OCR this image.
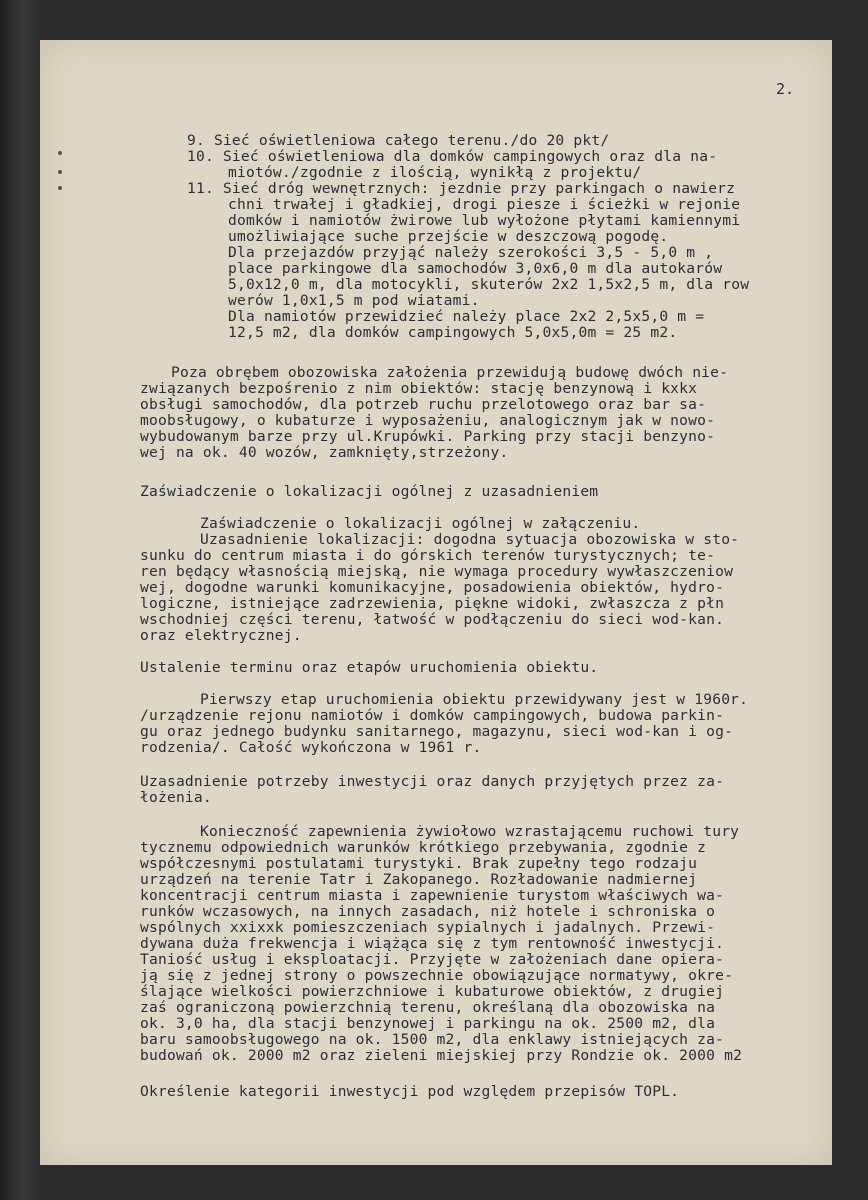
2.
9. Sieć oświetleniowa całego terenu./do 20 pkt/
10. Sieć oświetleniowa dla domków campingowych oraz dla na-
miotów./zgodnie z ilością, wynikłą z projektu/
11. Sieć dróg wewnętrznych: jezdnie przy parkingach o nawierz
chni trwałej i gładkiej, drogi piesze i ścieżki w rejonie
domków i namiotów żwirowe lub wyłożone płytami kamiennymi
umożliwiające suche przejście w deszczową pogodę.
Dla przejazdów przyjąć należy szerokości 3,5 - 5,0 m ,
place parkingowe dla samochodów 3,0x6,0 m dla autokarów
5,0x12,0 m, dla motocykli, skuterów 2x2 1,5x2,5 m, dla row
werów 1,0x1,5 m pod wiatami.
Dla namiotów przewidzieć należy place 2x2 2,5x5,0 m =
12,5 m2, dla domków campingowych 5,0x5,0m = 25 m2.
Poza obrębem obozowiska założenia przewidują budowę dwóch nie-
związanych bezpośrenio z nim obiektów: stację benzynową i kxkx
obsługi samochodów, dla potrzeb ruchu przelotowego oraz bar sa-
moobsługowy, o kubaturze i wyposażeniu, analogicznym jak w nowo-
wybudowanym barze przy ul.Krupówki. Parking przy stacji benzyno-
wej na ok. 40 wozów, zamknięty,strzeżony.
Zaświadczenie o lokalizacji ogólnej z uzasadnieniem
Zaświadczenie o lokalizacji ogólnej w załączeniu.
Uzasadnienie lokalizacji: dogodna sytuacja obozowiska w sto-
sunku do centrum miasta i do górskich terenów turystycznych; te-
ren będący własnością miejską, nie wymaga procedury wywłaszczeniow
wej, dogodne warunki komunikacyjne, posadowienia obiektów, hydro-
logiczne, istniejące zadrzewienia, piękne widoki, zwłaszcza z płn
wschodniej części terenu, łatwość w podłączeniu do sieci wod-kan.
oraz elektrycznej.
Ustalenie terminu oraz etapów uruchomienia obiektu.
Pierwszy etap uruchomienia obiektu przewidywany jest w 1960r.
/urządzenie rejonu namiotów i domków campingowych, budowa parkin-
gu oraz jednego budynku sanitarnego, magazynu, sieci wod-kan i og-
rodzenia/. Całość wykończona w 1961 r.
Uzasadnienie potrzeby inwestycji oraz danych przyjętych przez za-
łożenia.
Konieczność zapewnienia żywiołowo wzrastającemu ruchowi tury
tycznemu odpowiednich warunków krótkiego przebywania, zgodnie z
współczesnymi postulatami turystyki. Brak zupełny tego rodzaju
urządzeń na terenie Tatr i Zakopanego. Rozładowanie nadmiernej
koncentracji centrum miasta i zapewnienie turystom właściwych wa-
runków wczasowych, na innych zasadach, niż hotele i schroniska o
wspólnych xxixxk pomieszczeniach sypialnych i jadalnych. Przewi-
dywana duża frekwencja i wiążąca się z tym rentowność inwestycji.
Taniość usług i eksploatacji. Przyjęte w założeniach dane opiera-
ją się z jednej strony o powszechnie obowiązujące normatywy, okre-
ślające wielkości powierzchniowe i kubaturowe obiektów, z drugiej
zaś ograniczoną powierzchnią terenu, określaną dla obozowiska na
ok. 3,0 ha, dla stacji benzynowej i parkingu na ok. 2500 m2, dla
baru samoobsługowego na ok. 1500 m2, dla enklawy istniejących za-
budowań ok. 2000 m2 oraz zieleni miejskiej przy Rondzie ok. 2000 m2
Określenie kategorii inwestycji pod względem przepisów TOPL.
